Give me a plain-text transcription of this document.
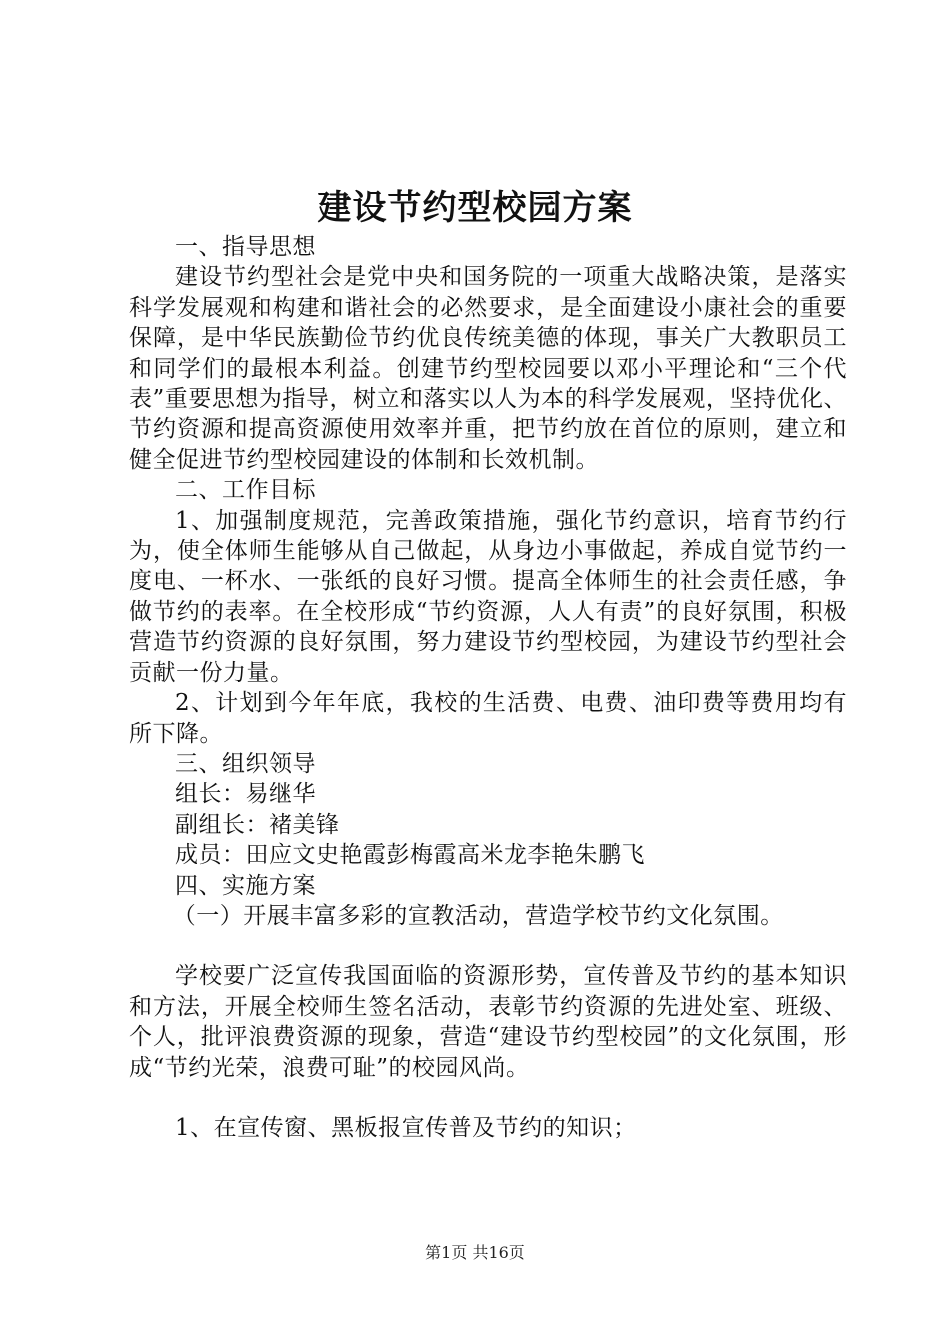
建设节约型校园方案

一、指导思想

建设节约型社会是党中央和国务院的一项重大战略决策，是落实科学发展观和构建和谐社会的必然要求，是全面建设小康社会的重要保障，是中华民族勤俭节约优良传统美德的体现，事关广大教职员工和同学们的最根本利益。创建节约型校园要以邓小平理论和“三个代表”重要思想为指导，树立和落实以人为本的科学发展观，坚持优化、节约资源和提高资源使用效率并重，把节约放在首位的原则，建立和健全促进节约型校园建设的体制和长效机制。

二、工作目标

1、加强制度规范，完善政策措施，强化节约意识，培育节约行为，使全体师生能够从自己做起，从身边小事做起，养成自觉节约一度电、一杯水、一张纸的良好习惯。提高全体师生的社会责任感，争做节约的表率。在全校形成“节约资源，人人有责”的良好氛围，积极营造节约资源的良好氛围，努力建设节约型校园，为建设节约型社会贡献一份力量。

2、计划到今年年底，我校的生活费、电费、油印费等费用均有所下降。

三、组织领导

组长：易继华

副组长：褚美锋

成员：田应文史艳霞彭梅霞高米龙李艳朱鹏飞

四、实施方案

（一）开展丰富多彩的宣教活动，营造学校节约文化氛围。

学校要广泛宣传我国面临的资源形势，宣传普及节约的基本知识和方法，开展全校师生签名活动，表彰节约资源的先进处室、班级、个人，批评浪费资源的现象，营造“建设节约型校园”的文化氛围，形成“节约光荣，浪费可耻”的校园风尚。

1、在宣传窗、黑板报宣传普及节约的知识；

第1页 共16页
